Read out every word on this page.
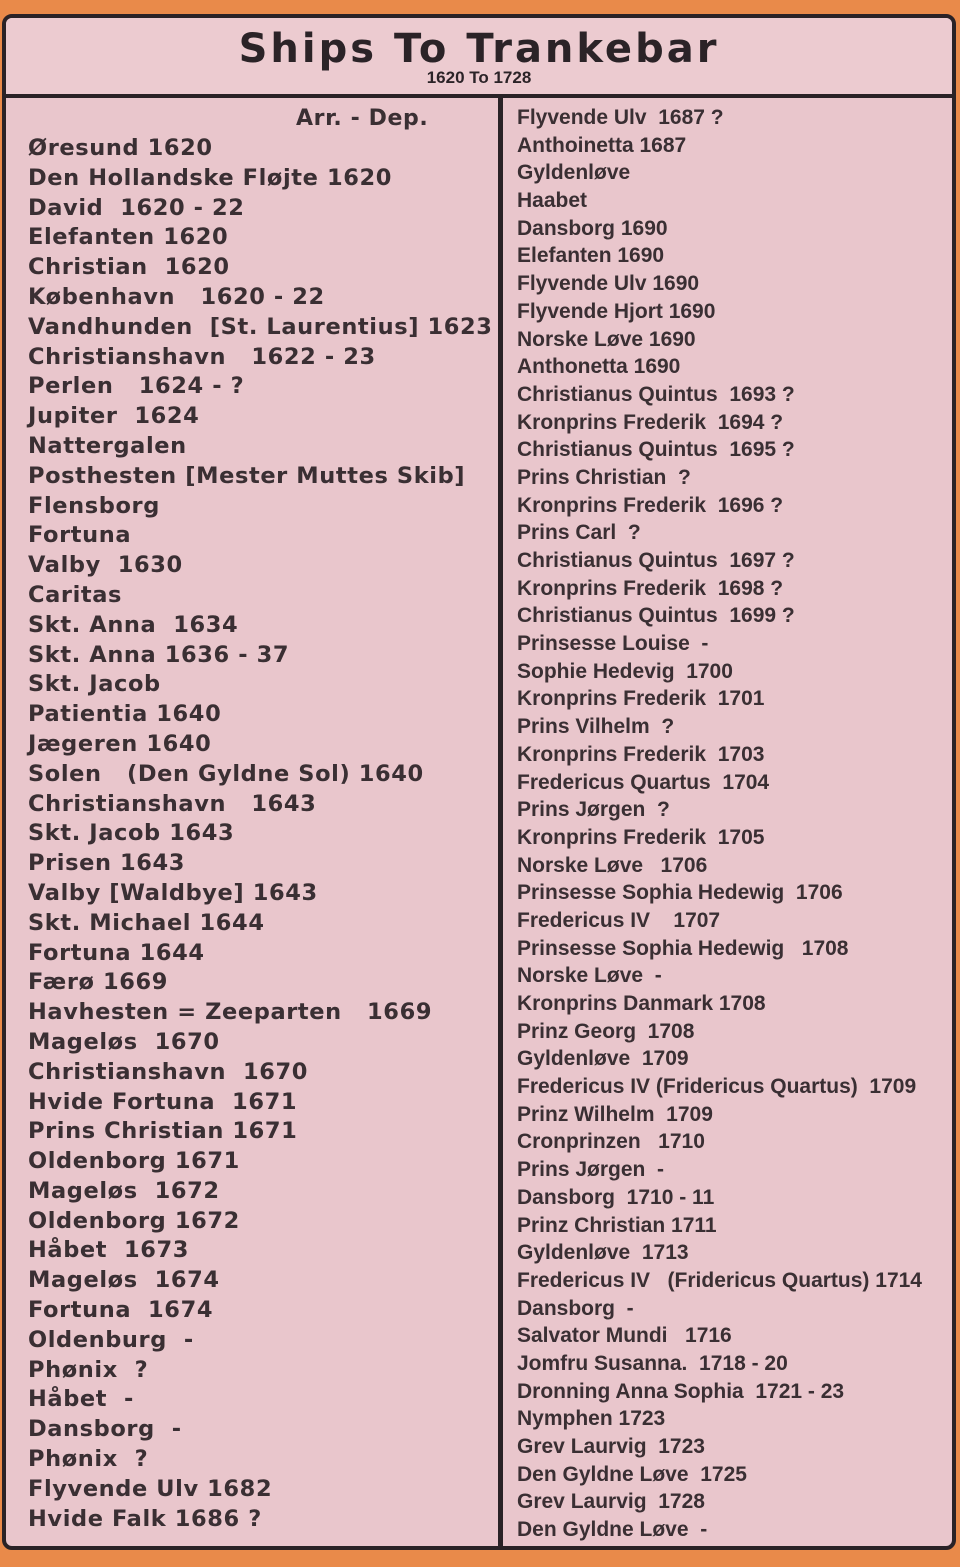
Ships To Trankebar
1620 To 1728
Arr. - Dep.
Øresund 1620
Den Hollandske Fløjte 1620
David  1620 - 22
Elefanten 1620
Christian  1620
København   1620 - 22
Vandhunden  [St. Laurentius] 1623
Christianshavn   1622 - 23
Perlen   1624 - ?
Jupiter  1624
Nattergalen
Posthesten [Mester Muttes Skib]
Flensborg
Fortuna
Valby  1630
Caritas
Skt. Anna  1634
Skt. Anna 1636 - 37
Skt. Jacob
Patientia 1640
Jægeren 1640
Solen   (Den Gyldne Sol) 1640
Christianshavn   1643
Skt. Jacob 1643
Prisen 1643
Valby [Waldbye] 1643
Skt. Michael 1644
Fortuna 1644
Færø 1669
Havhesten = Zeeparten   1669
Mageløs  1670
Christianshavn  1670
Hvide Fortuna  1671
Prins Christian 1671
Oldenborg 1671
Mageløs  1672
Oldenborg 1672
Håbet  1673
Mageløs  1674
Fortuna  1674
Oldenburg  -
Phønix  ?
Håbet  -
Dansborg  -
Phønix  ?
Flyvende Ulv 1682
Hvide Falk 1686 ?
Flyvende Ulv  1687 ?
Anthoinetta 1687
Gyldenløve
Haabet
Dansborg 1690
Elefanten 1690
Flyvende Ulv 1690
Flyvende Hjort 1690
Norske Løve 1690
Anthonetta 1690
Christianus Quintus  1693 ?
Kronprins Frederik  1694 ?
Christianus Quintus  1695 ?
Prins Christian  ?
Kronprins Frederik  1696 ?
Prins Carl  ?
Christianus Quintus  1697 ?
Kronprins Frederik  1698 ?
Christianus Quintus  1699 ?
Prinsesse Louise  -
Sophie Hedevig  1700
Kronprins Frederik  1701
Prins Vilhelm  ?
Kronprins Frederik  1703
Fredericus Quartus  1704
Prins Jørgen  ?
Kronprins Frederik  1705
Norske Løve   1706
Prinsesse Sophia Hedewig  1706
Fredericus IV    1707
Prinsesse Sophia Hedewig   1708
Norske Løve  -
Kronprins Danmark 1708
Prinz Georg  1708
Gyldenløve  1709
Fredericus IV (Fridericus Quartus)  1709
Prinz Wilhelm  1709
Cronprinzen   1710
Prins Jørgen  -
Dansborg  1710 - 11
Prinz Christian 1711
Gyldenløve  1713
Fredericus IV   (Fridericus Quartus) 1714
Dansborg  -
Salvator Mundi   1716
Jomfru Susanna.  1718 - 20
Dronning Anna Sophia  1721 - 23
Nymphen 1723
Grev Laurvig  1723
Den Gyldne Løve  1725
Grev Laurvig  1728
Den Gyldne Løve  -
